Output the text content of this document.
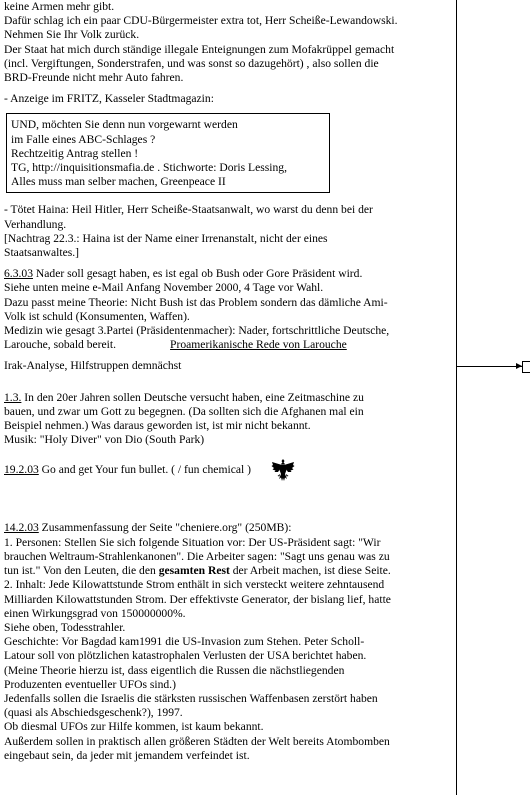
keine Armen mehr gibt.

Dafür schlag ich ein paar CDU-Bürgermeister extra tot, Herr Scheiße-Lewandowski.

Nehmen Sie Ihr Volk zurück.

Der Staat hat mich durch ständige illegale Enteignungen zum Mofakrüppel gemacht

(incl. Vergiftungen, Sonderstrafen, und was sonst so dazugehört) , also sollen die

BRD-Freunde nicht mehr Auto fahren.

- Anzeige im FRITZ, Kasseler Stadtmagazin:

UND, möchten Sie denn nun vorgewarnt werden

im Falle eines ABC-Schlages ?

Rechtzeitig Antrag stellen !

TG, http://inquisitionsmafia.de . Stichworte: Doris Lessing,

Alles muss man selber machen, Greenpeace II

- Tötet Haina: Heil Hitler, Herr Scheiße-Staatsanwalt, wo warst du denn bei der

Verhandlung.

[Nachtrag 22.3.: Haina ist der Name einer Irrenanstalt, nicht der eines

Staatsanwaltes.]

6.3.03 Nader soll gesagt haben, es ist egal ob Bush oder Gore Präsident wird.

Siehe unten meine e-Mail Anfang November 2000, 4 Tage vor Wahl.

Dazu passt meine Theorie: Nicht Bush ist das Problem sondern das dämliche Ami-

Volk ist schuld (Konsumenten, Waffen).

Medizin wie gesagt 3.Partei (Präsidentenmacher): Nader, fortschrittliche Deutsche,

Larouche, sobald bereit.	Proamerikanische Rede von Larouche

Irak-Analyse, Hilfstruppen demnächst

1.3. In den 20er Jahren sollen Deutsche versucht haben, eine Zeitmaschine zu

bauen, und zwar um Gott zu begegnen. (Da sollten sich die Afghanen mal ein

Beispiel nehmen.) Was daraus geworden ist, ist mir nicht bekannt.

Musik: "Holy Diver" von Dio (South Park)

19.2.03 Go and get Your fun bullet. ( / fun chemical )

14.2.03 Zusammenfassung der Seite "cheniere.org" (250MB):

1. Personen: Stellen Sie sich folgende Situation vor: Der US-Präsident sagt: "Wir

brauchen Weltraum-Strahlenkanonen". Die Arbeiter sagen: "Sagt uns genau was zu

tun ist." Von den Leuten, die den gesamten Rest der Arbeit machen, ist diese Seite.

2. Inhalt: Jede Kilowattstunde Strom enthält in sich versteckt weitere zehntausend

Milliarden Kilowattstunden Strom. Der effektivste Generator, der bislang lief, hatte

einen Wirkungsgrad von 150000000%.

Siehe oben, Todesstrahler.

Geschichte: Vor Bagdad kam1991 die US-Invasion zum Stehen. Peter Scholl-

Latour soll von plötzlichen katastrophalen Verlusten der USA berichtet haben.

(Meine Theorie hierzu ist, dass eigentlich die Russen die nächstliegenden

Produzenten eventueller UFOs sind.)

Jedenfalls sollen die Israelis die stärksten russischen Waffenbasen zerstört haben

(quasi als Abschiedsgeschenk?), 1997.

Ob diesmal UFOs zur Hilfe kommen, ist kaum bekannt.

Außerdem sollen in praktisch allen größeren Städten der Welt bereits Atombomben

eingebaut sein, da jeder mit jemandem verfeindet ist.
